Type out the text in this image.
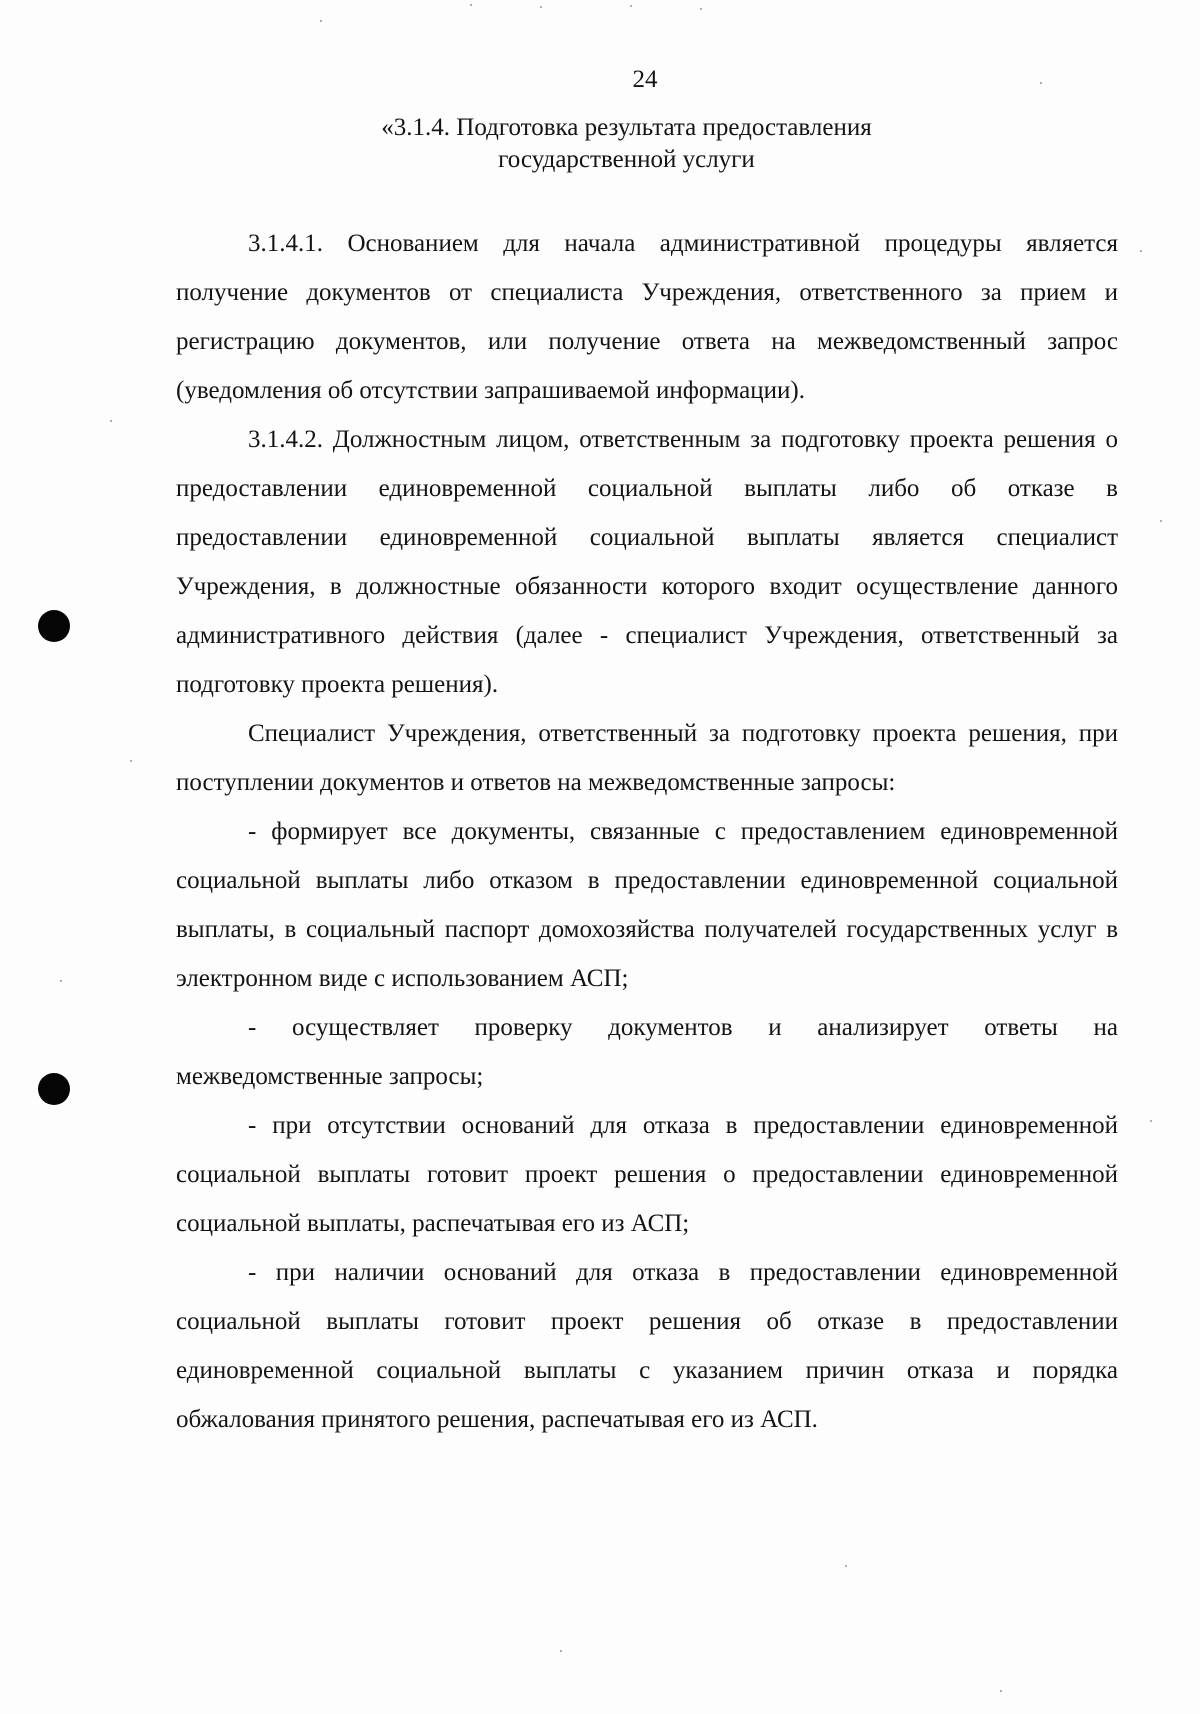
24
«3.1.4. Подготовка результата предоставления
государственной услуги

3.1.4.1. Основанием для начала административной процедуры является получение документов от специалиста Учреждения, ответственного за прием и регистрацию документов, или получение ответа на межведомственный запрос (уведомления об отсутствии запрашиваемой информации).

3.1.4.2. Должностным лицом, ответственным за подготовку проекта решения о предоставлении единовременной социальной выплаты либо об отказе в предоставлении единовременной социальной выплаты является специалист Учреждения, в должностные обязанности которого входит осуществление данного административного действия (далее - специалист Учреждения, ответственный за подготовку проекта решения).

Специалист Учреждения, ответственный за подготовку проекта решения, при поступлении документов и ответов на межведомственные запросы:

- формирует все документы, связанные с предоставлением единовременной социальной выплаты либо отказом в предоставлении единовременной социальной выплаты, в социальный паспорт домохозяйства получателей государственных услуг в электронном виде с использованием АСП;

- осуществляет проверку документов и анализирует ответы на межведомственные запросы;

- при отсутствии оснований для отказа в предоставлении единовременной социальной выплаты готовит проект решения о предоставлении единовременной социальной выплаты, распечатывая его из АСП;

- при наличии оснований для отказа в предоставлении единовременной социальной выплаты готовит проект решения об отказе в предоставлении единовременной социальной выплаты с указанием причин отказа и порядка обжалования принятого решения, распечатывая его из АСП.
